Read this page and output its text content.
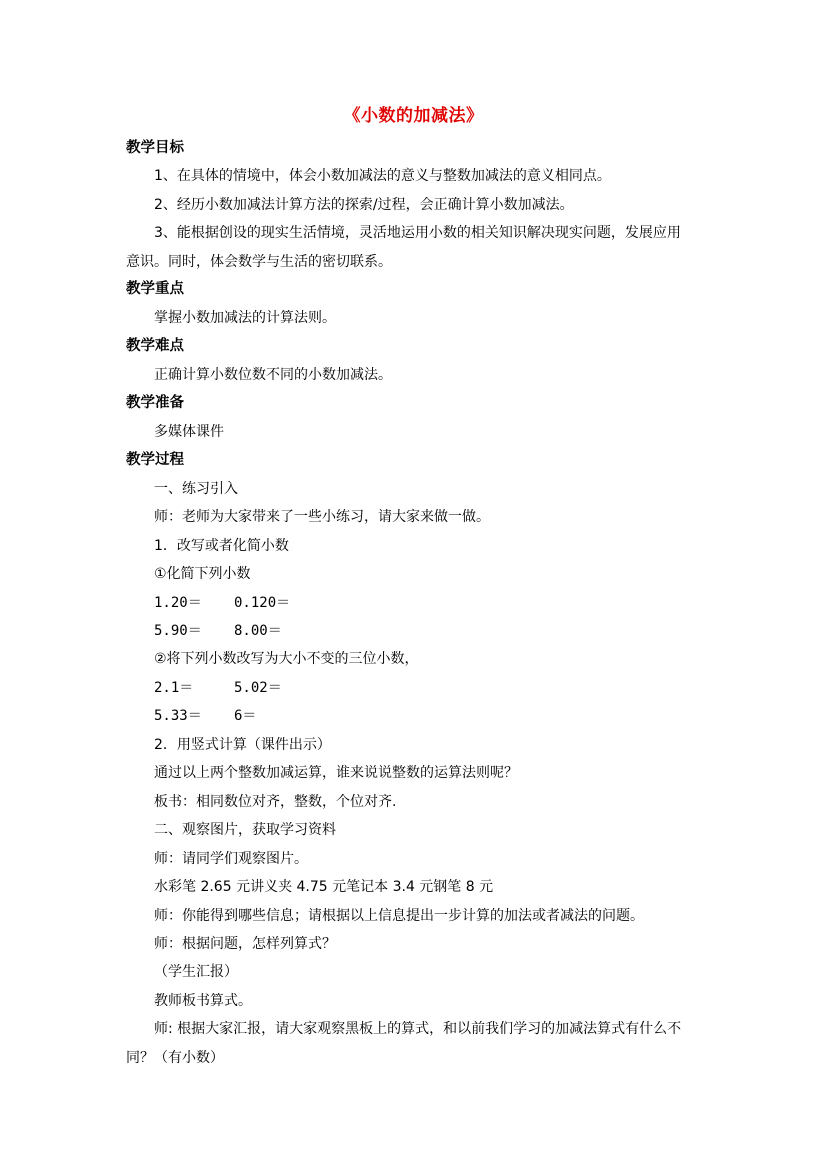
《小数的加减法》
教学目标
1、在具体的情境中，体会小数加减法的意义与整数加减法的意义相同点。
2、经历小数加减法计算方法的探索/过程，会正确计算小数加减法。
3、能根据创设的现实生活情境，灵活地运用小数的相关知识解决现实问题，发展应用
意识。同时，体会数学与生活的密切联系。
教学重点
掌握小数加减法的计算法则。
教学难点
正确计算小数位数不同的小数加减法。
教学准备
多媒体课件
教学过程
一、练习引入
师：老师为大家带来了一些小练习，请大家来做一做。
1．改写或者化简小数
①化简下列小数
1.20＝ 0.120＝
5.90＝ 8.00＝
②将下列小数改写为大小不变的三位小数，
2.1＝	5.02＝
5.33＝ 6＝
2．用竖式计算（课件出示）
通过以上两个整数加减运算，谁来说说整数的运算法则呢？
板书：相同数位对齐，整数，个位对齐.
二、观察图片，获取学习资料
师：请同学们观察图片。
水彩笔 2.65 元讲义夹 4.75 元笔记本 3.4 元钢笔 8 元
师：你能得到哪些信息；请根据以上信息提出一步计算的加法或者减法的问题。
师：根据问题，怎样列算式？
（学生汇报）
教师板书算式。
师: 根据大家汇报，请大家观察黑板上的算式，和以前我们学习的加减法算式有什么不
同？（有小数）
